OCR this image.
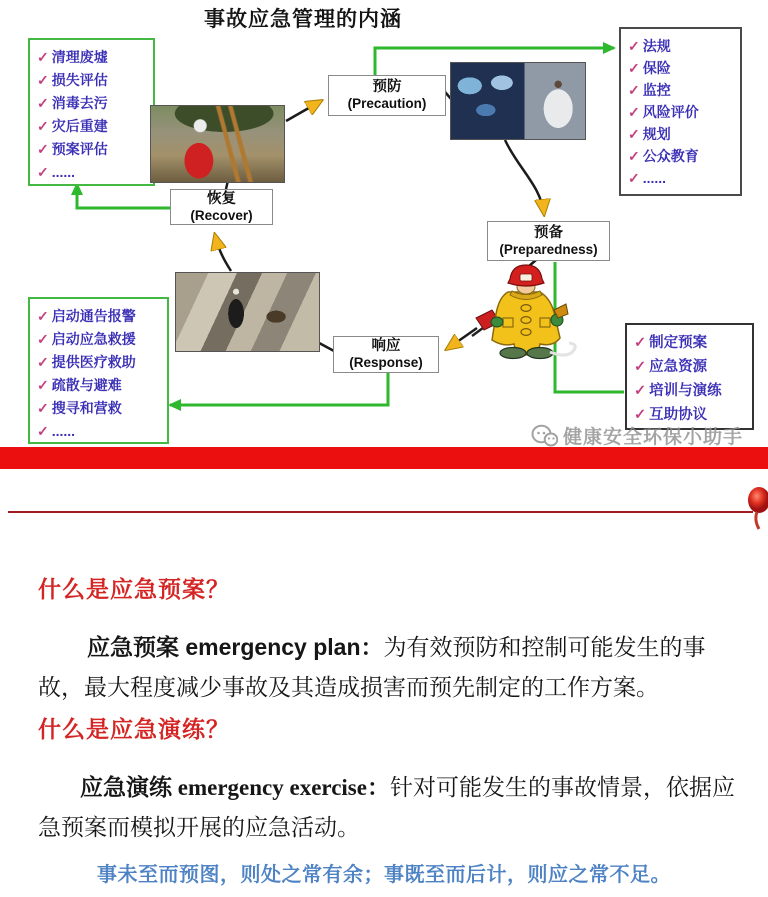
事故应急管理的内涵
✓ 清理废墟
✓ 损失评估
✓ 消毒去污
✓ 灾后重建
✓ 预案评估
✓ ......
✓ 法规
✓ 保险
✓ 监控
✓ 风险评价
✓ 规划
✓ 公众教育
✓ ......
✓ 启动通告报警
✓ 启动应急救援
✓ 提供医疗救助
✓ 疏散与避难
✓ 搜寻和营救
✓ ......
✓ 制定预案
✓ 应急资源
✓ 培训与演练
✓ 互助协议
预防
(Precaution)
预备
(Preparedness)
响应
(Response)
恢复
(Recover)
健康安全环保小助手
什么是应急预案？

应急预案 emergency plan：为有效预防和控制可能发生的事故，最大程度减少事故及其造成损害而预先制定的工作方案。

什么是应急演练？

应急演练 emergency exercise：针对可能发生的事故情景，依据应急预案而模拟开展的应急活动。

事未至而预图，则处之常有余；事既至而后计，则应之常不足。
